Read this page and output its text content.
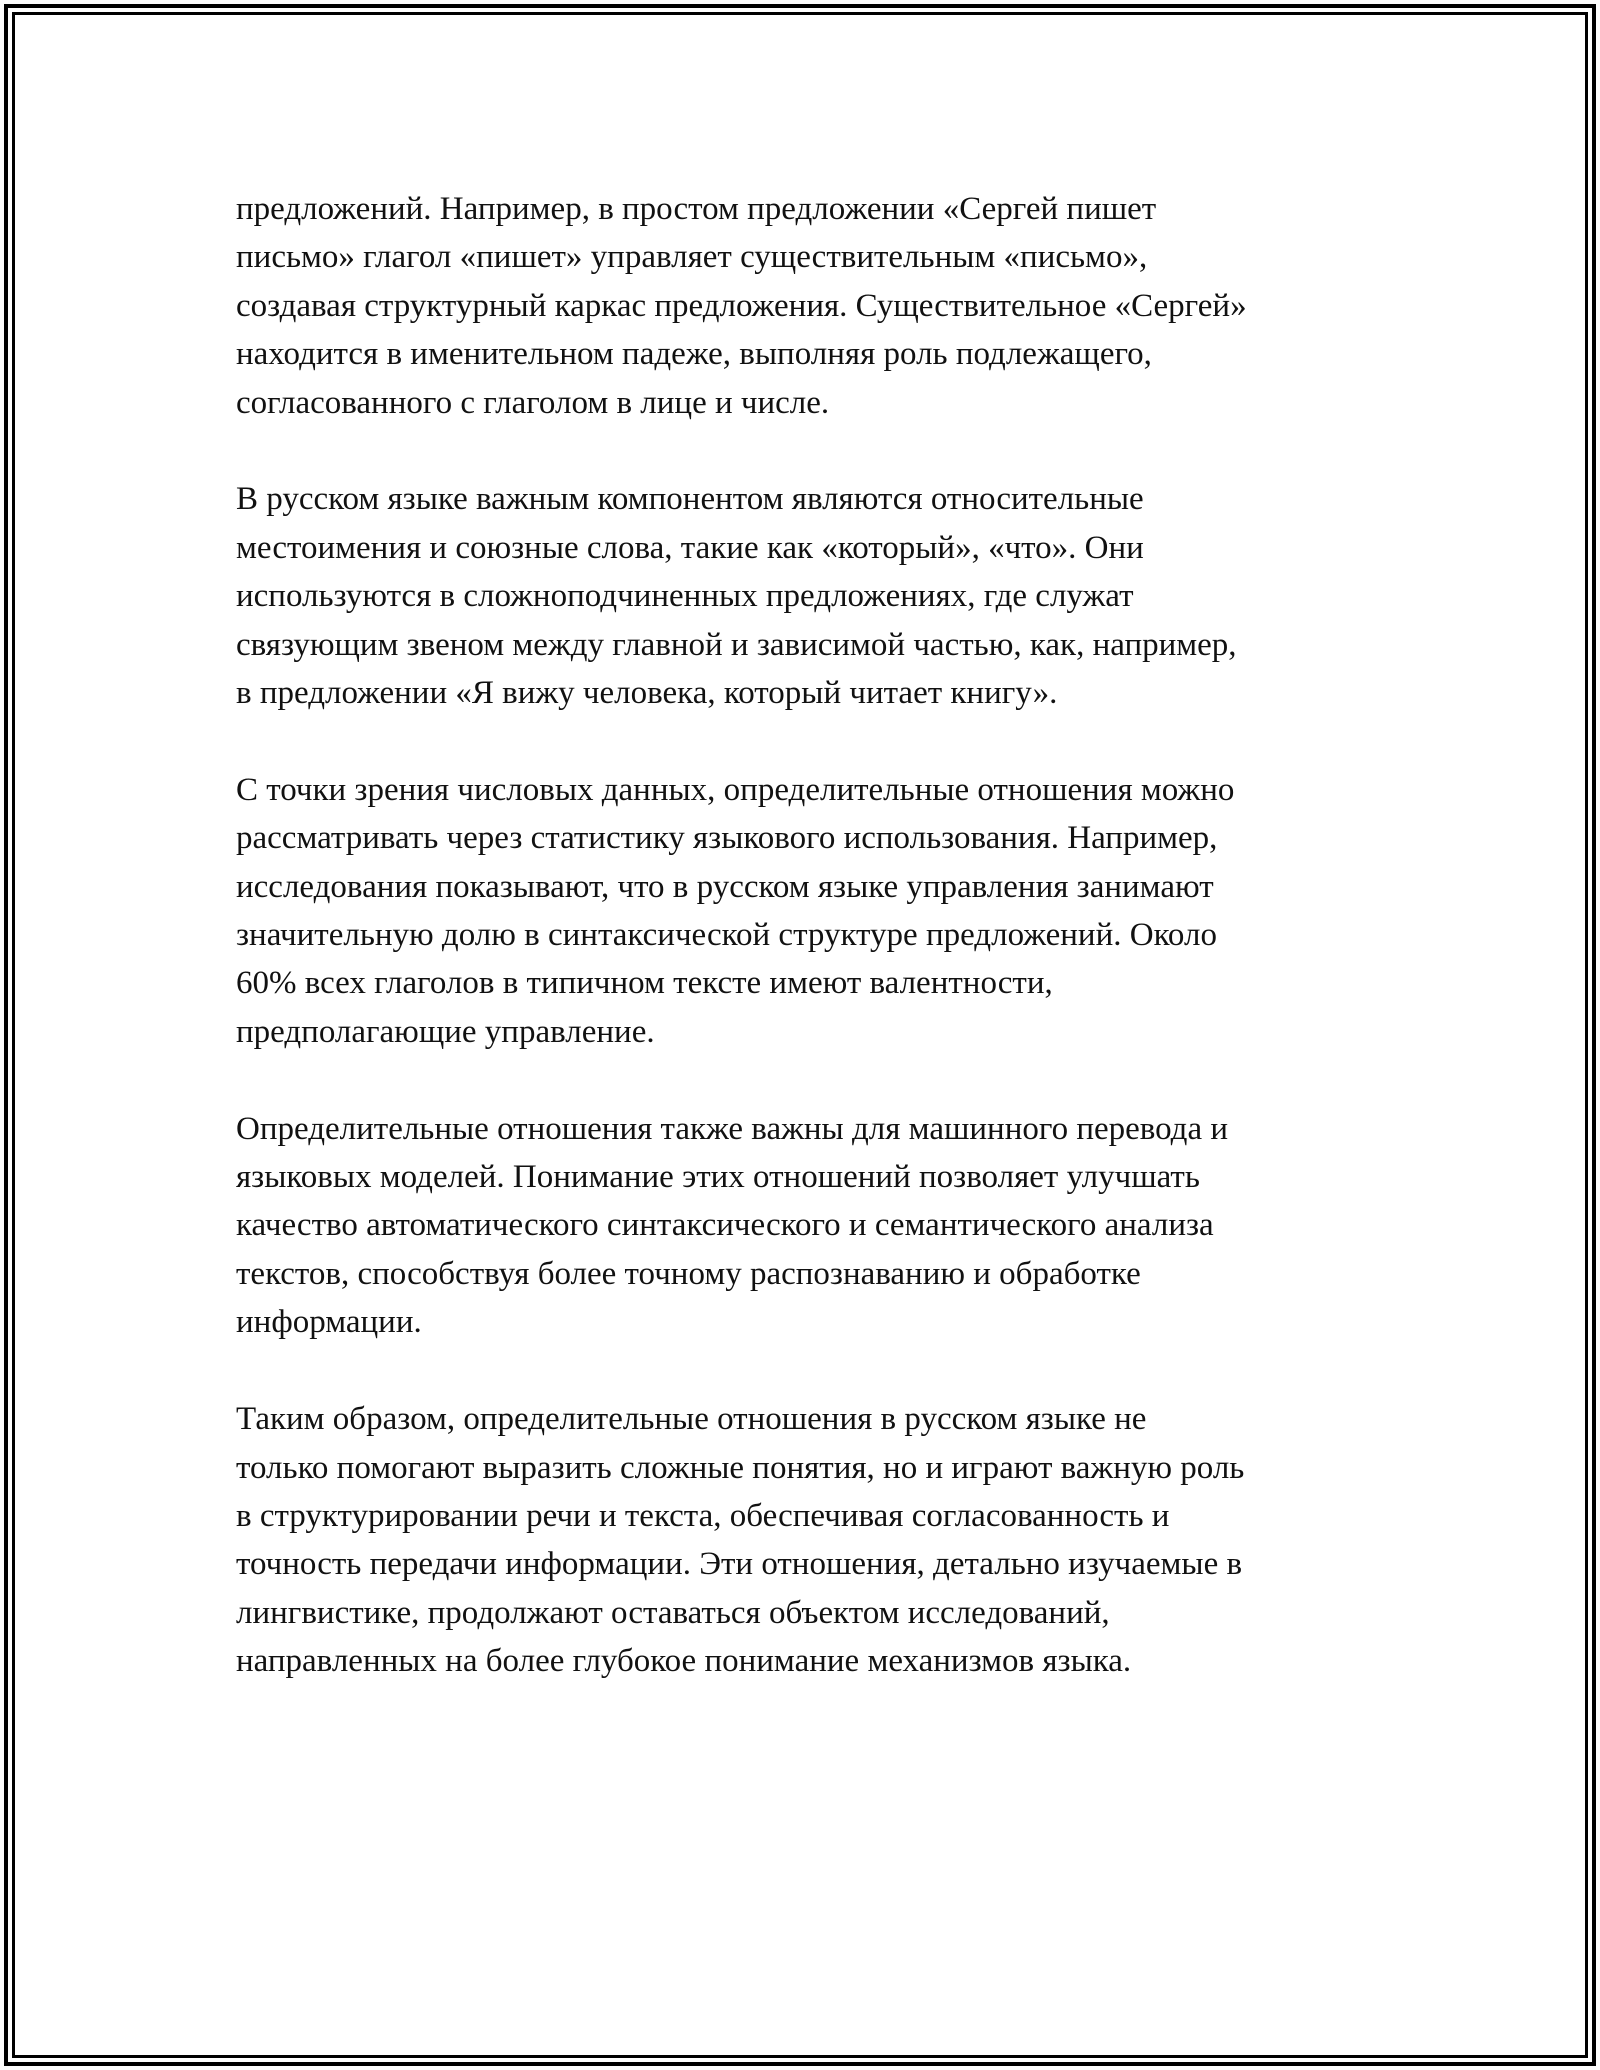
предложений. Например, в простом предложении «Сергей пишет
письмо» глагол «пишет» управляет существительным «письмо»,
создавая структурный каркас предложения. Существительное «Сергей»
находится в именительном падеже, выполняя роль подлежащего,
согласованного с глаголом в лице и числе.

В русском языке важным компонентом являются относительные
местоимения и союзные слова, такие как «который», «что». Они
используются в сложноподчиненных предложениях, где служат
связующим звеном между главной и зависимой частью, как, например,
в предложении «Я вижу человека, который читает книгу».

С точки зрения числовых данных, определительные отношения можно
рассматривать через статистику языкового использования. Например,
исследования показывают, что в русском языке управления занимают
значительную долю в синтаксической структуре предложений. Около
60% всех глаголов в типичном тексте имеют валентности,
предполагающие управление.

Определительные отношения также важны для машинного перевода и
языковых моделей. Понимание этих отношений позволяет улучшать
качество автоматического синтаксического и семантического анализа
текстов, способствуя более точному распознаванию и обработке
информации.

Таким образом, определительные отношения в русском языке не
только помогают выразить сложные понятия, но и играют важную роль
в структурировании речи и текста, обеспечивая согласованность и
точность передачи информации. Эти отношения, детально изучаемые в
лингвистике, продолжают оставаться объектом исследований,
направленных на более глубокое понимание механизмов языка.
